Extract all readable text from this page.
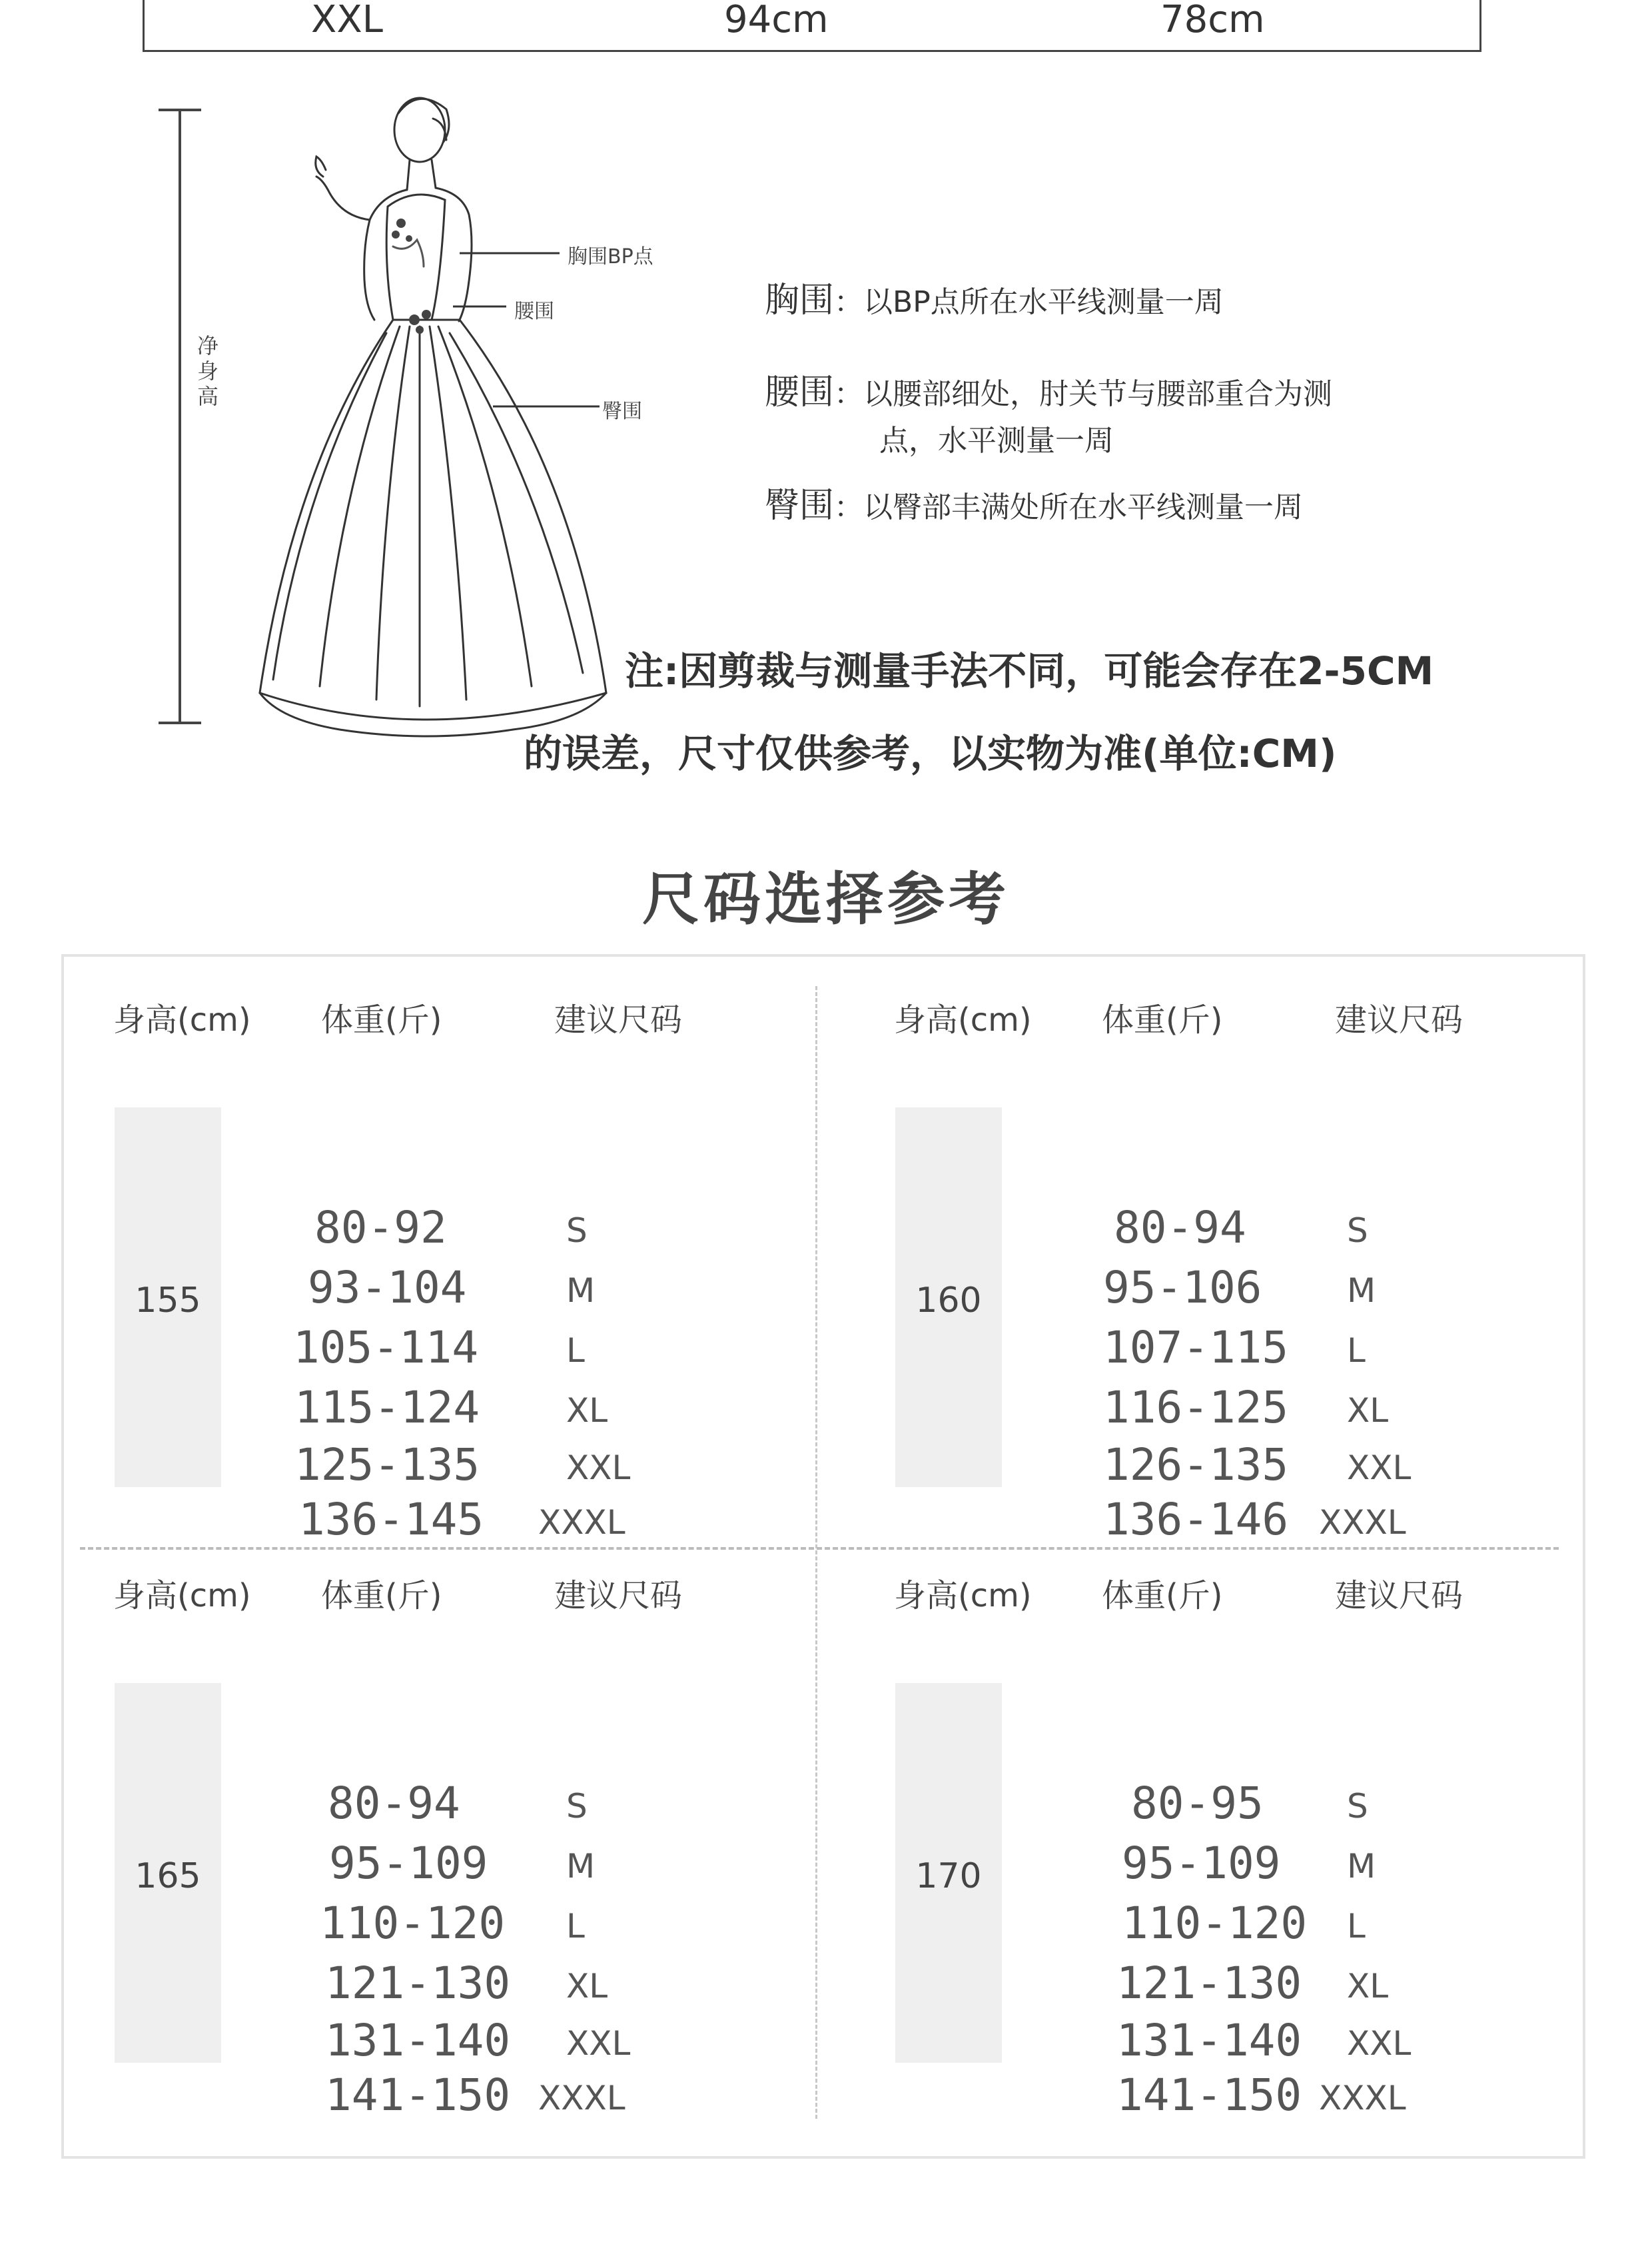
XXL	94cm	78cm
净身高
胸围BP点
腰围
臀围
胸围：以BP点所在水平线测量一周
腰围：以腰部细处，肘关节与腰部重合为测
点，水平测量一周
臀围：以臀部丰满处所在水平线测量一周
注:因剪裁与测量手法不同，可能会存在2-5CM
的误差，尺寸仅供参考，以实物为准(单位:CM)
尺码选择参考
身高(cm) 体重(斤)	建议尺码
155
80-92	S
93-104	M
105-114	L
115-124	XL
125-135	XXL
136-145 XXXL
身高(cm) 体重(斤)	建议尺码
160
80-94	S
95-106	M
107-115 L
116-125 XL
126-135 XXL
136-146 XXXL
身高(cm) 体重(斤)	建议尺码
165
80-94	S
95-109 M
110-120 L
121-130 XL
131-140 XXL
141-150 XXXL
身高(cm) 体重(斤)	建议尺码
170
80-95	S
95-109 M
110-120 L
121-130 XL
131-140 XXL
141-150 XXXL
